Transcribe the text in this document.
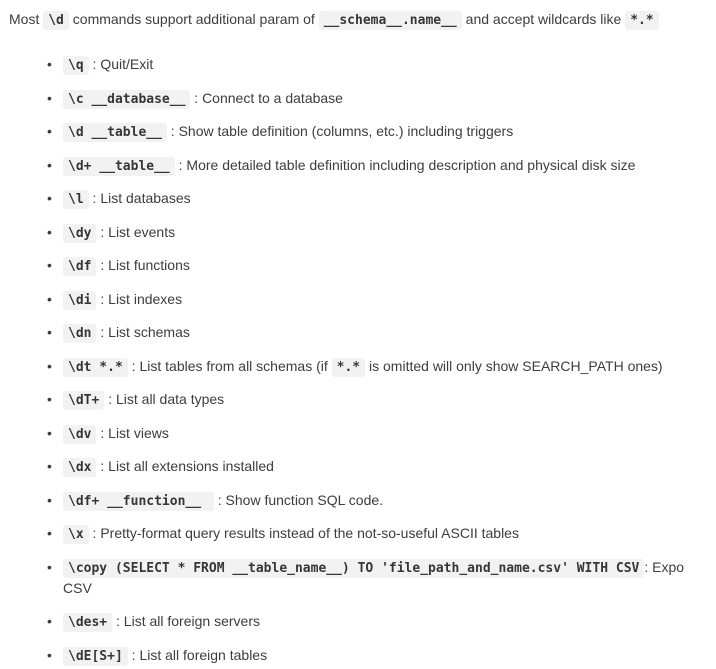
Most \d commands support additional param of __schema__.name__ and accept wildcards like *.*

• \q : Quit/Exit
• \c __database__ : Connect to a database
• \d __table__ : Show table definition (columns, etc.) including triggers
• \d+ __table__ : More detailed table definition including description and physical disk size
• \l : List databases
• \dy : List events
• \df : List functions
• \di : List indexes
• \dn : List schemas
• \dt *.* : List tables from all schemas (if *.* is omitted will only show SEARCH_PATH ones)
• \dT+ : List all data types
• \dv : List views
• \dx : List all extensions installed
• \df+ __function__  : Show function SQL code.
• \x : Pretty-format query results instead of the not-so-useful ASCII tables
• \copy (SELECT * FROM __table_name__) TO 'file_path_and_name.csv' WITH CSV : Expo
CSV
• \des+ : List all foreign servers
• \dE[S+] : List all foreign tables
